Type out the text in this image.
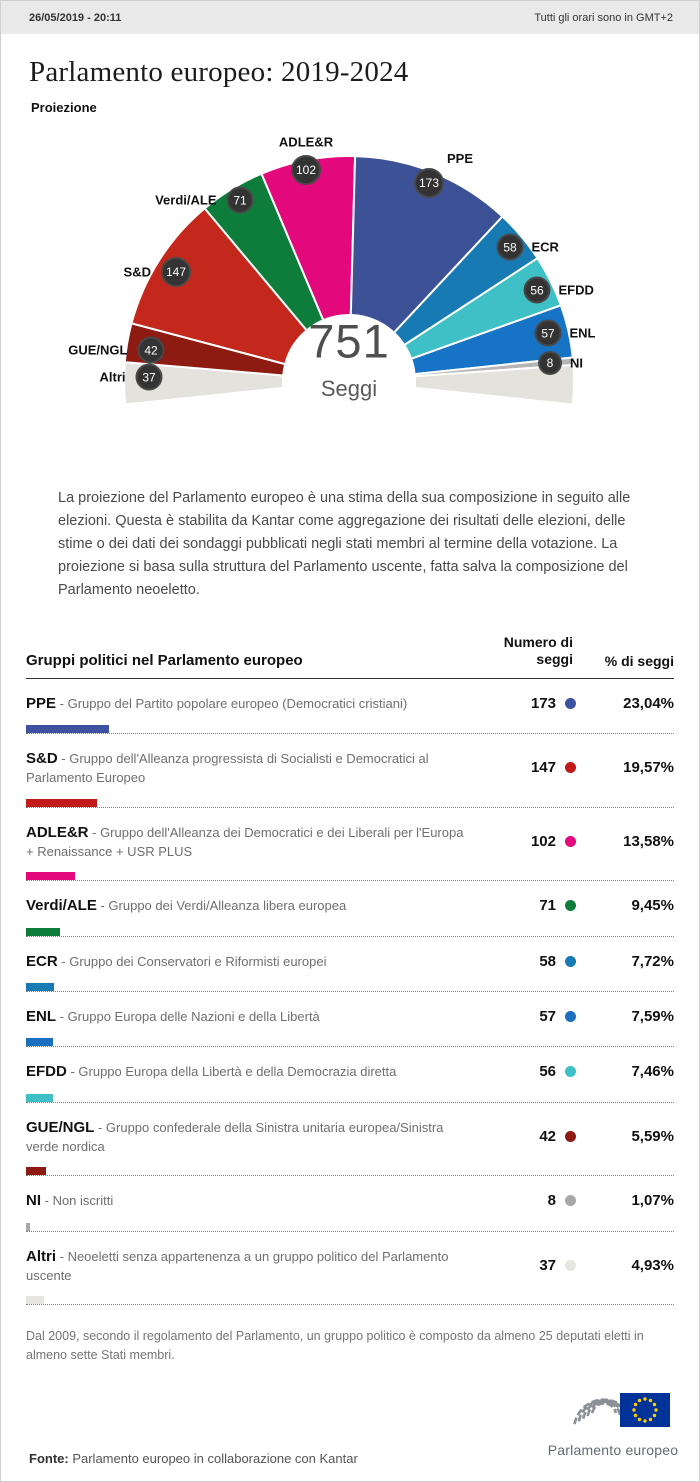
26/05/2019 - 20:11	Tutti gli orari sono in GMT+2
Parlamento europeo: 2019-2024
Proiezione
37
Altri
42
GUE/NGL
147
S&D
71
Verdi/ALE
102
ADLE&R
173
PPE
58	ECR
56	EFDD
57	ENL
8	NI
751
Seggi
La proiezione del Parlamento europeo è una stima della sua composizione in seguito alle elezioni. Questa è stabilita da Kantar come aggregazione dei risultati delle elezioni, delle stime o dei dati dei sondaggi pubblicati negli stati membri al termine della votazione. La proiezione si basa sulla struttura del Parlamento uscente, fatta salva la composizione del Parlamento neoeletto.
Gruppi politici nel Parlamento europeo
Numero di seggi	% di seggi
PPE - Gruppo del Partito popolare europeo (Democratici cristiani)	173	23,04%
S&D - Gruppo dell'Alleanza progressista di Socialisti e Democratici al Parlamento Europeo
147	19,57%
ADLE&R - Gruppo dell'Alleanza dei Democratici e dei Liberali per l'Europa + Renaissance + USR PLUS
102	13,58%
Verdi/ALE - Gruppo dei Verdi/Alleanza libera europea	71	9,45%
ECR - Gruppo dei Conservatori e Riformisti europei	58	7,72%
ENL - Gruppo Europa delle Nazioni e della Libertà	57	7,59%
EFDD - Gruppo Europa della Libertà e della Democrazia diretta	56	7,46%
GUE/NGL - Gruppo confederale della Sinistra unitaria europea/Sinistra verde nordica
42	5,59%
NI - Non iscritti	8	1,07%
Altri - Neoeletti senza appartenenza a un gruppo politico del Parlamento uscente
37	4,93%
Dal 2009, secondo il regolamento del Parlamento, un gruppo politico è composto da almeno 25 deputati eletti in almeno sette Stati membri.
Parlamento europeo
Fonte: Parlamento europeo in collaborazione con Kantar
